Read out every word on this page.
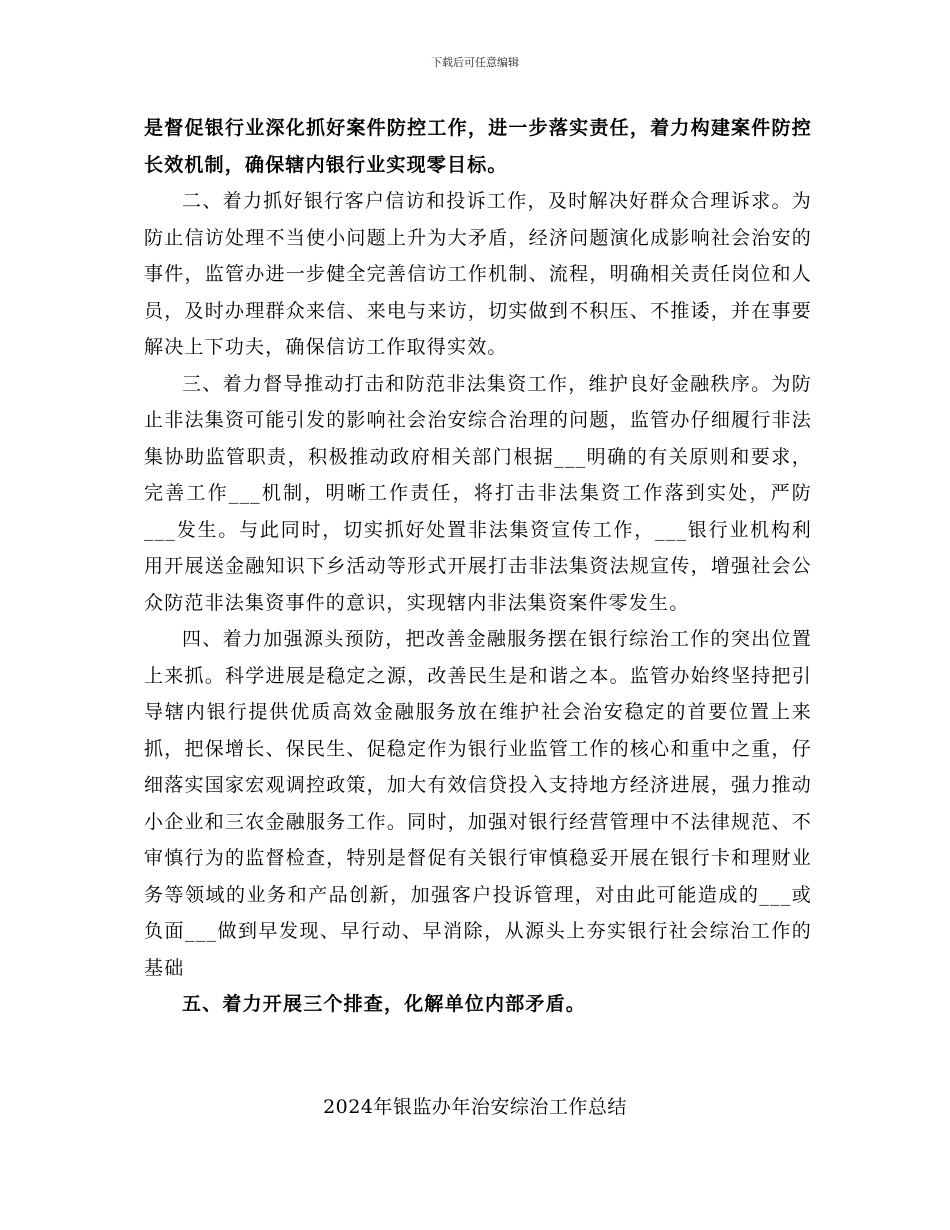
下载后可任意编辑

是督促银行业深化抓好案件防控工作，进一步落实责任，着力构建案件防控长效机制，确保辖内银行业实现零目标。

二、着力抓好银行客户信访和投诉工作，及时解决好群众合理诉求。为防止信访处理不当使小问题上升为大矛盾，经济问题演化成影响社会治安的事件，监管办进一步健全完善信访工作机制、流程，明确相关责任岗位和人员，及时办理群众来信、来电与来访，切实做到不积压、不推诿，并在事要解决上下功夫，确保信访工作取得实效。

三、着力督导推动打击和防范非法集资工作，维护良好金融秩序。为防止非法集资可能引发的影响社会治安综合治理的问题，监管办仔细履行非法集协助监管职责，积极推动政府相关部门根据___明确的有关原则和要求，完善工作___机制，明晰工作责任，将打击非法集资工作落到实处，严防___发生。与此同时，切实抓好处置非法集资宣传工作，___银行业机构利用开展送金融知识下乡活动等形式开展打击非法集资法规宣传，增强社会公众防范非法集资事件的意识，实现辖内非法集资案件零发生。

四、着力加强源头预防，把改善金融服务摆在银行综治工作的突出位置上来抓。科学进展是稳定之源，改善民生是和谐之本。监管办始终坚持把引导辖内银行提供优质高效金融服务放在维护社会治安稳定的首要位置上来抓，把保增长、保民生、促稳定作为银行业监管工作的核心和重中之重，仔细落实国家宏观调控政策，加大有效信贷投入支持地方经济进展，强力推动小企业和三农金融服务工作。同时，加强对银行经营管理中不法律规范、不审慎行为的监督检查，特别是督促有关银行审慎稳妥开展在银行卡和理财业务等领域的业务和产品创新，加强客户投诉管理，对由此可能造成的___或负面___做到早发现、早行动、早消除，从源头上夯实银行社会综治工作的基础

五、着力开展三个排查，化解单位内部矛盾。

2024年银监办年治安综治工作总结
